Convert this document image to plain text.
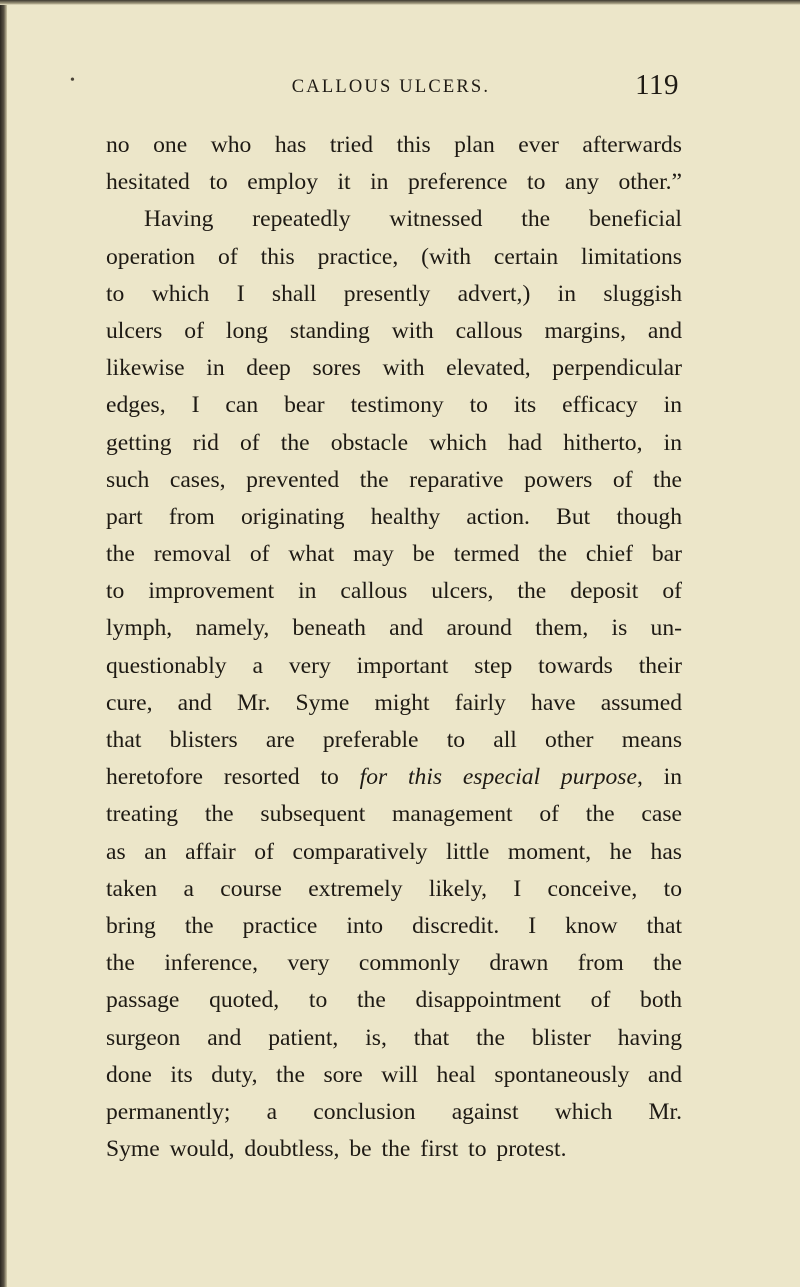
•	CALLOUS ULCERS.	119
no one who has tried this plan ever afterwards
hesitated to employ it in preference to any other.”
Having repeatedly witnessed the beneficial
operation of this practice, (with certain limitations
to which I shall presently advert,) in sluggish
ulcers of long standing with callous margins, and
likewise in deep sores with elevated, perpendicular
edges, I can bear testimony to its efficacy in
getting rid of the obstacle which had hitherto, in
such cases, prevented the reparative powers of the
part from originating healthy action. But though
the removal of what may be termed the chief bar
to improvement in callous ulcers, the deposit of
lymph, namely, beneath and around them, is un-
questionably a very important step towards their
cure, and Mr. Syme might fairly have assumed
that blisters are preferable to all other means
heretofore resorted to for this especial purpose, in
treating the subsequent management of the case
as an affair of comparatively little moment, he has
taken a course extremely likely, I conceive, to
bring the practice into discredit. I know that
the inference, very commonly drawn from the
passage quoted, to the disappointment of both
surgeon and patient, is, that the blister having
done its duty, the sore will heal spontaneously and
permanently; a conclusion against which Mr.
Syme would, doubtless, be the first to protest.
